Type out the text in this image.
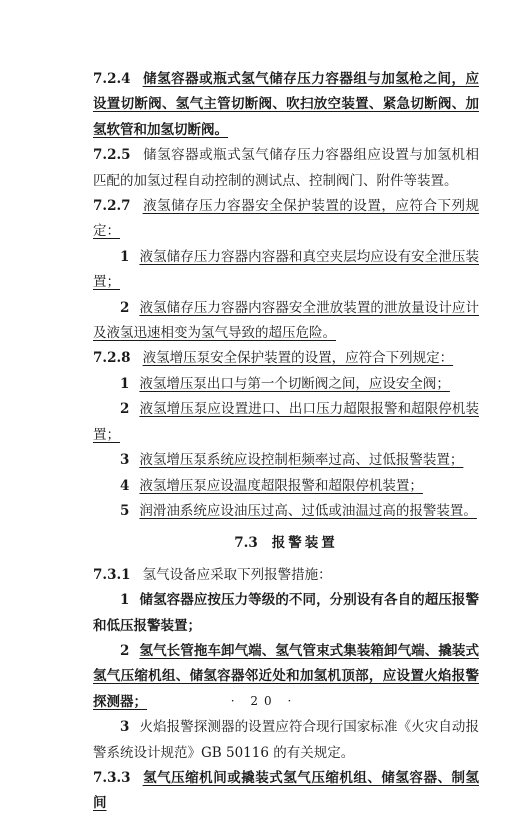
7.2.4 储氢容器或瓶式氢气储存压力容器组与加氢枪之间，应设置切断阀、氢气主管切断阀、吹扫放空装置、紧急切断阀、加氢软管和加氢切断阀。

7.2.5 储氢容器或瓶式氢气储存压力容器组应设置与加氢机相匹配的加氢过程自动控制的测试点、控制阀门、附件等装置。

7.2.7 液氢储存压力容器安全保护装置的设置，应符合下列规定：

1 液氢储存压力容器内容器和真空夹层均应设有安全泄压装置；

2 液氢储存压力容器内容器安全泄放装置的泄放量设计应计及液氢迅速相变为氢气导致的超压危险。

7.2.8 液氢增压泵安全保护装置的设置，应符合下列规定：

1 液氢增压泵出口与第一个切断阀之间，应设安全阀；

2 液氢增压泵应设置进口、出口压力超限报警和超限停机装置；

3 液氢增压泵系统应设控制柜频率过高、过低报警装置；

4 液氢增压泵应设温度超限报警和超限停机装置；

5 润滑油系统应设油压过高、过低或油温过高的报警装置。

7.3 报警装置

7.3.1 氢气设备应采取下列报警措施：

1 储氢容器应按压力等级的不同，分别设有各自的超压报警和低压报警装置；

2 氢气长管拖车卸气端、氢气管束式集装箱卸气端、撬装式氢气压缩机组、储氢容器邻近处和加氢机顶部，应设置火焰报警探测器；

3 火焰报警探测器的设置应符合现行国家标准《火灾自动报警系统设计规范》GB 50116 的有关规定。

7.3.3 氢气压缩机间或撬装式氢气压缩机组、储氢容器、制氢间

· 20 ·
